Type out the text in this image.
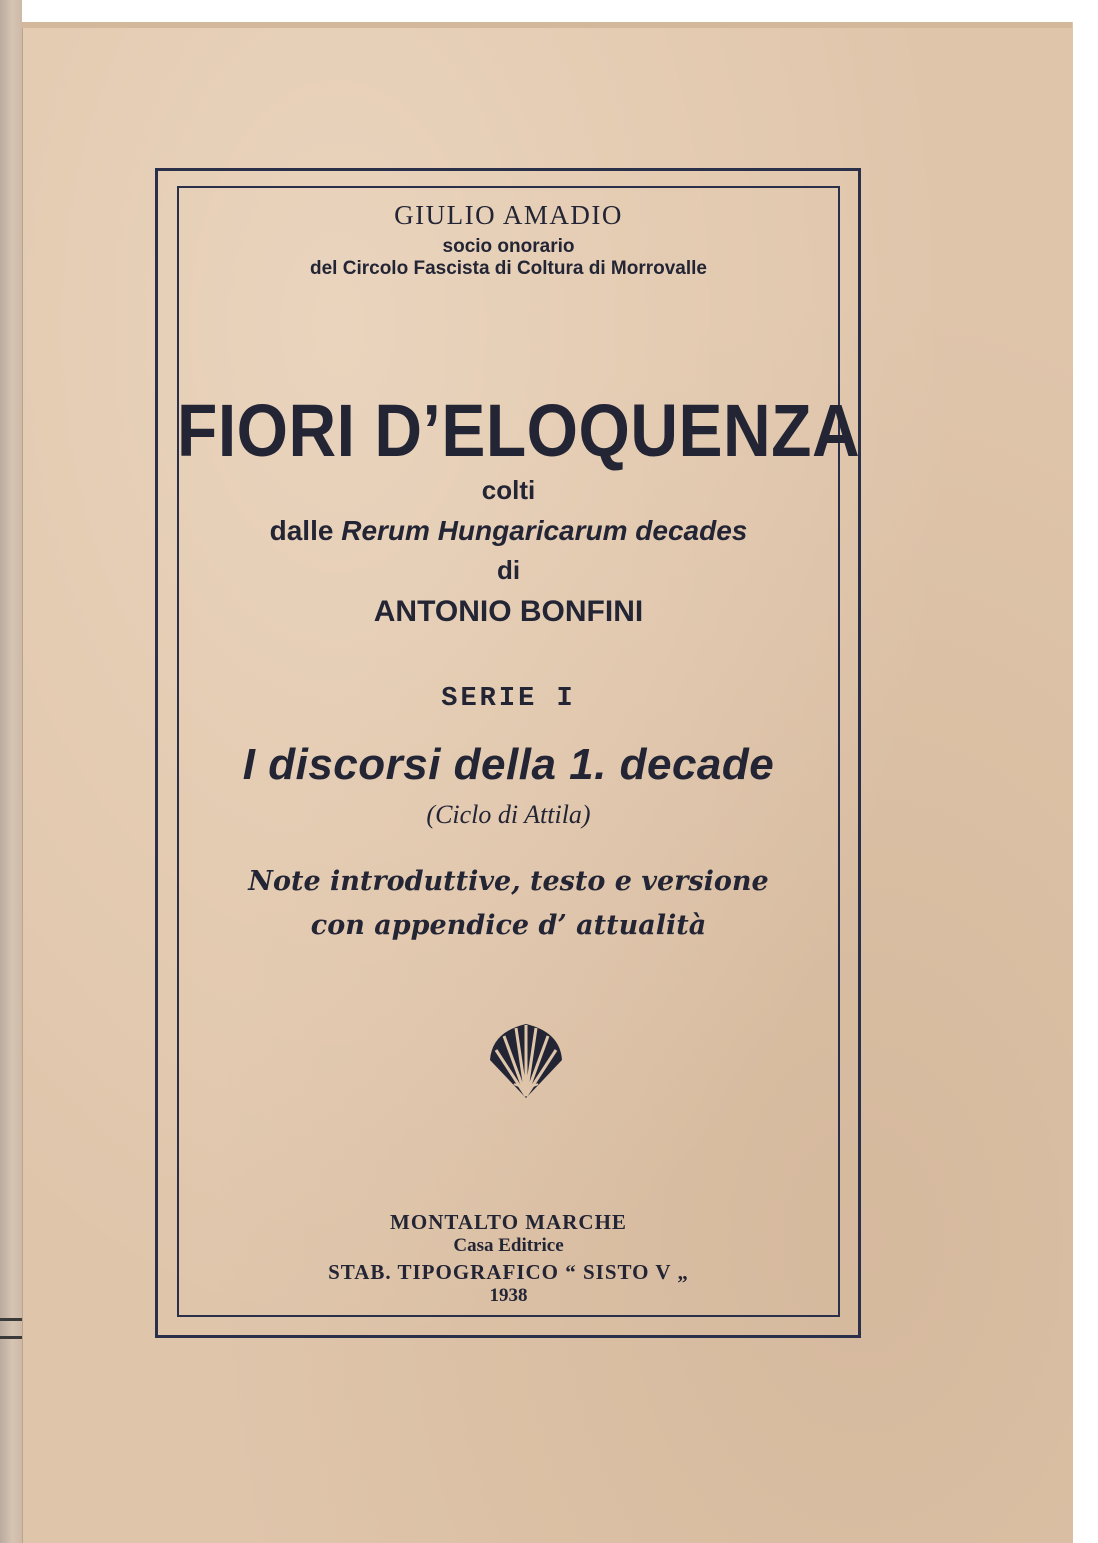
GIULIO AMADIO
socio onorario
del Circolo Fascista di Coltura di Morrovalle
FIORI D’ELOQUENZA
colti
dalle Rerum Hungaricarum decades
di
ANTONIO BONFINI
SERIE I
I discorsi della 1. decade
(Ciclo di Attila)
Note introduttive, testo e versione
con appendice d’ attualità
MONTALTO MARCHE
Casa Editrice
STAB. TIPOGRAFICO “ SISTO V „
1938
